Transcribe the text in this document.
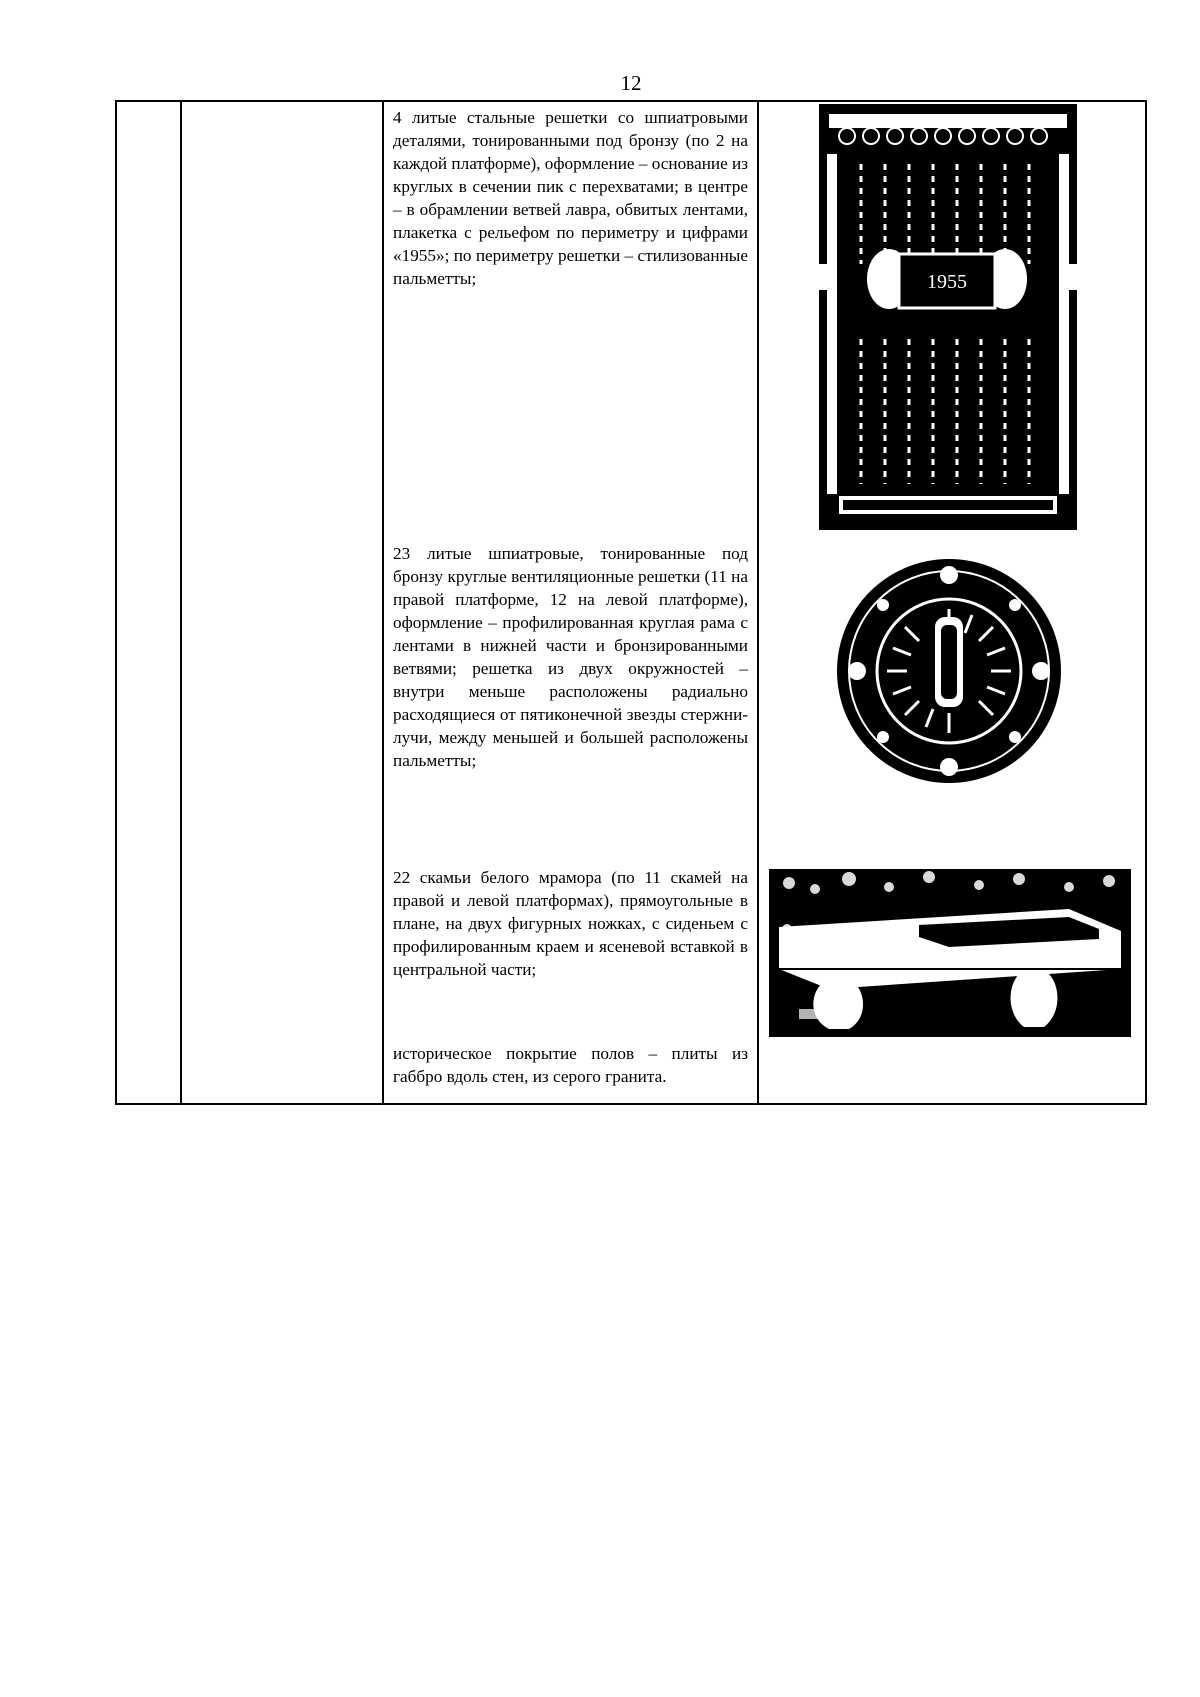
12
4 литые стальные решетки со шпиатровыми деталями, тонированными под бронзу (по 2 на каждой платформе), оформление – основание из круглых в сечении пик с перехватами; в центре – в обрамлении ветвей лавра, обвитых лентами, плакетка с рельефом по периметру и цифрами «1955»; по периметру решетки – стилизованные пальметты;
23 литые шпиатровые, тонированные под бронзу круглые вентиляционные решетки (11 на правой платформе, 12 на левой платформе), оформление – профилированная круглая рама с лентами в нижней части и бронзированными ветвями; решетка из двух окружностей – внутри меньше расположены радиально расходящиеся от пятиконечной звезды стержни-лучи, между меньшей и большей расположены пальметты;
22 скамьи белого мрамора (по 11 скамей на правой и левой платформах), прямоугольные в плане, на двух фигурных ножках, с сиденьем с профилированным краем и ясеневой вставкой в центральной части;
историческое покрытие полов – плиты из габбро вдоль стен, из серого гранита.
1955
